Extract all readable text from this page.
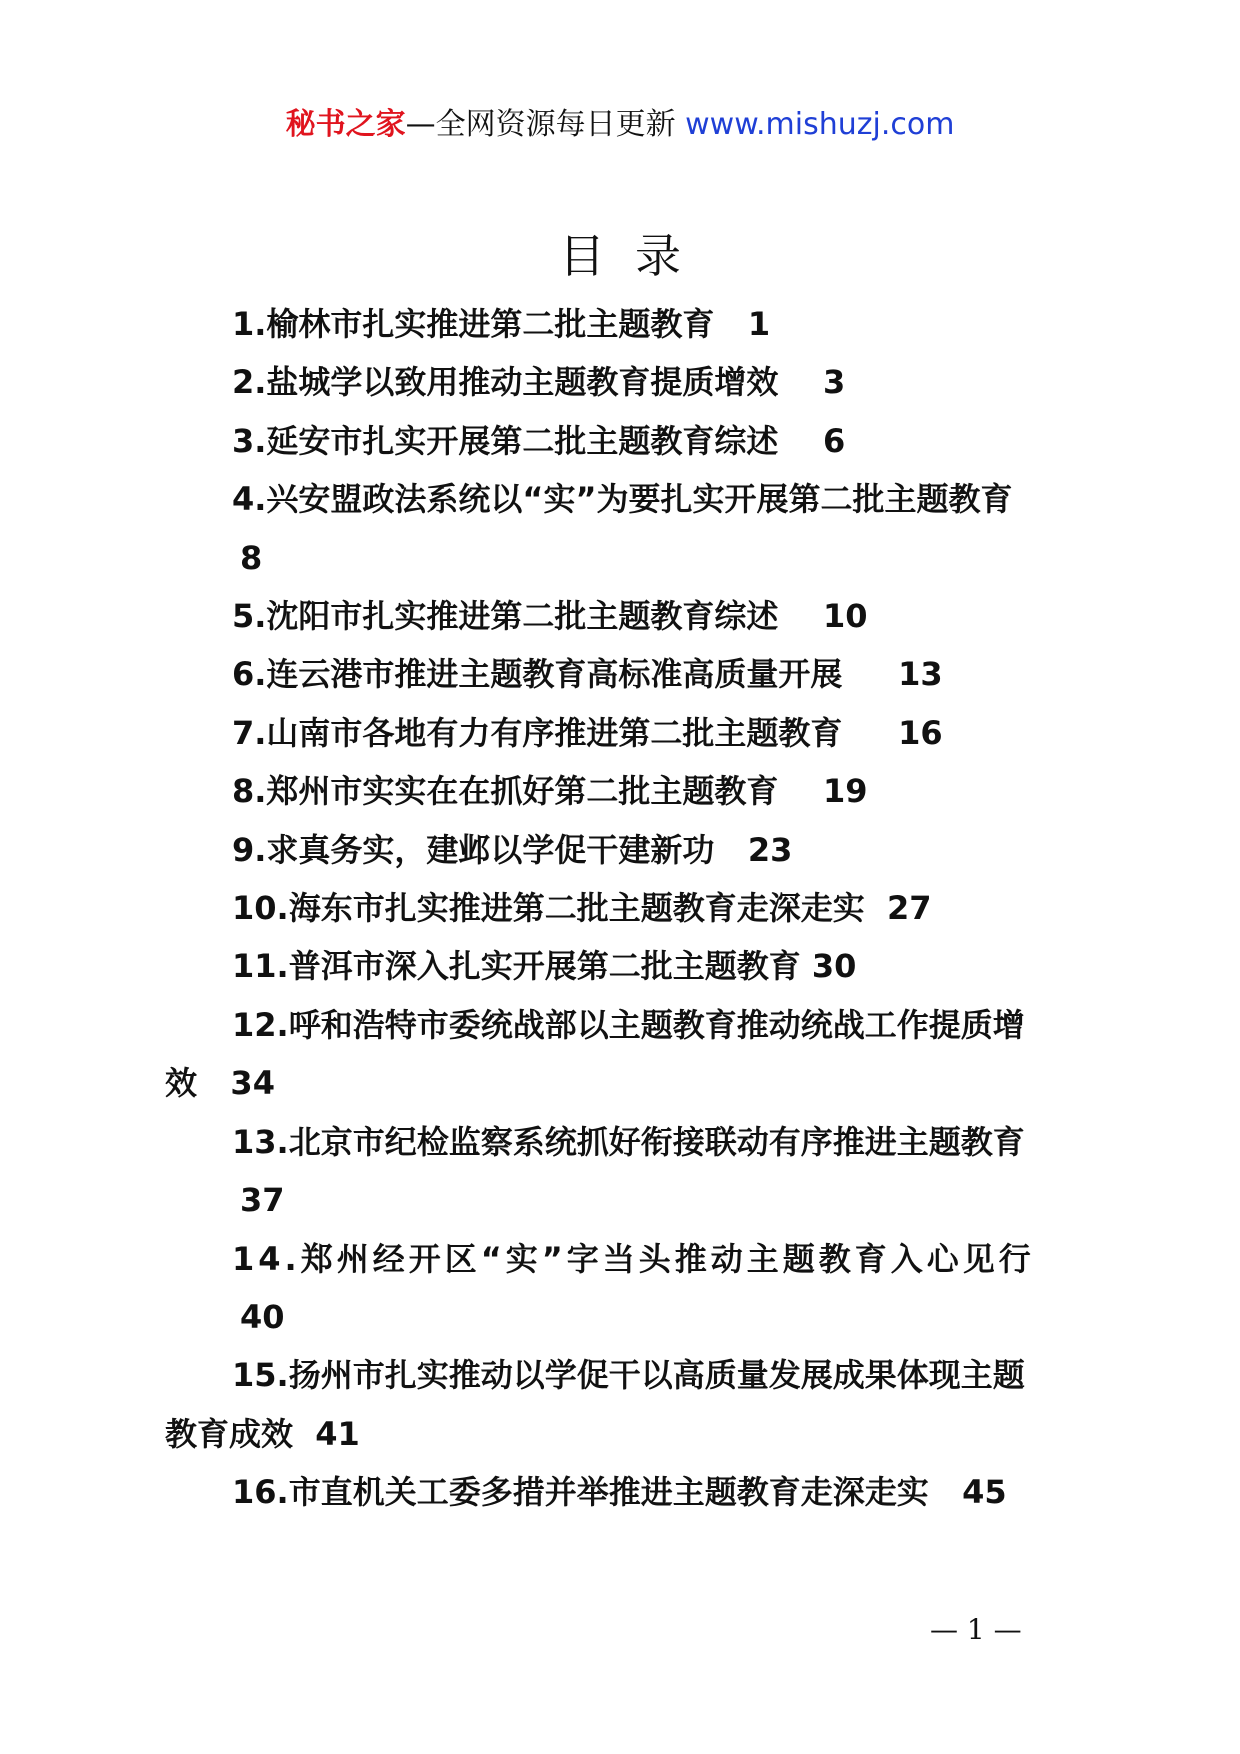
秘书之家—全网资源每日更新 www.mishuzj.com
目录
1.榆林市扎实推进第二批主题教育 1
2.盐城学以致用推动主题教育提质增效 3
3.延安市扎实开展第二批主题教育综述 6
4.兴安盟政法系统以“实”为要扎实开展第二批主题教育
8
5.沈阳市扎实推进第二批主题教育综述 10
6.连云港市推进主题教育高标准高质量开展 13
7.山南市各地有力有序推进第二批主题教育 16
8.郑州市实实在在抓好第二批主题教育 19
9.求真务实，建邺以学促干建新功 23
10.海东市扎实推进第二批主题教育走深走实 27
11.普洱市深入扎实开展第二批主题教育 30
12.呼和浩特市委统战部以主题教育推动统战工作提质增
效   34
13.北京市纪检监察系统抓好衔接联动有序推进主题教育
37
14.郑州经开区“实”字当头推动主题教育入心见行
40
15.扬州市扎实推动以学促干以高质量发展成果体现主题
教育成效  41
16.市直机关工委多措并举推进主题教育走深走实 45
— 1 —
